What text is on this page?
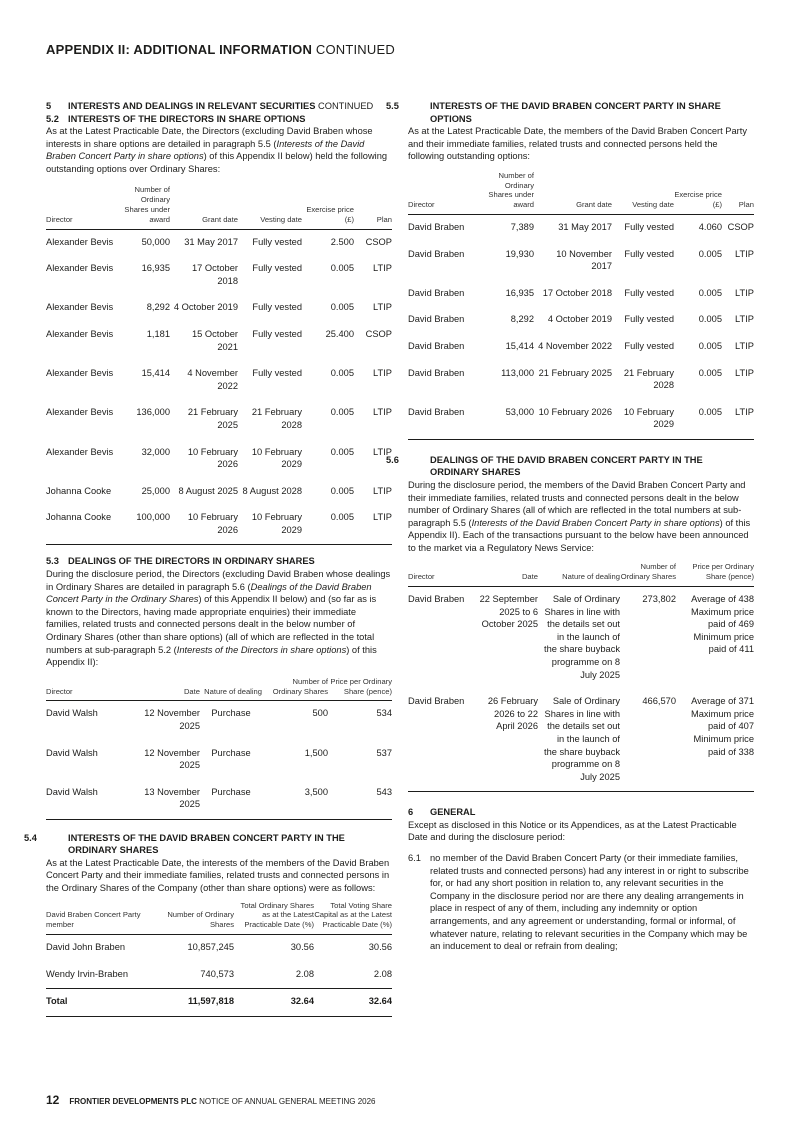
APPENDIX II: ADDITIONAL INFORMATION CONTINUED

5 INTERESTS AND DEALINGS IN RELEVANT SECURITIES CONTINUED

5.2 INTERESTS OF THE DIRECTORS IN SHARE OPTIONS

As at the Latest Practicable Date, the Directors (excluding David Braben whose interests in share options are detailed in paragraph 5.5 (Interests of the David Braben Concert Party in share options) of this Appendix II below) held the following outstanding options over Ordinary Shares:

Director	Number of Ordinary Shares under award	Grant date	Vesting date	Exercise price (£)	Plan
Alexander Bevis	50,000	31 May 2017	Fully vested	2.500	CSOP
Alexander Bevis	16,935	17 October 2018	Fully vested	0.005	LTIP
Alexander Bevis	8,292	4 October 2019	Fully vested	0.005	LTIP
Alexander Bevis	1,181	15 October 2021	Fully vested	25.400	CSOP
Alexander Bevis	15,414	4 November 2022	Fully vested	0.005	LTIP
Alexander Bevis	136,000	21 February 2025	21 February 2028	0.005	LTIP
Alexander Bevis	32,000	10 February 2026	10 February 2029	0.005	LTIP
Johanna Cooke	25,000	8 August 2025	8 August 2028	0.005	LTIP
Johanna Cooke	100,000	10 February 2026	10 February 2029	0.005	LTIP

5.3 DEALINGS OF THE DIRECTORS IN ORDINARY SHARES

During the disclosure period, the Directors (excluding David Braben whose dealings in Ordinary Shares are detailed in paragraph 5.6 (Dealings of the David Braben Concert Party in the Ordinary Shares) of this Appendix II below) and (so far as is known to the Directors, having made appropriate enquiries) their immediate families, related trusts and connected persons dealt in the below number of Ordinary Shares (other than share options) (all of which are reflected in the total numbers at sub-paragraph 5.2 (Interests of the Directors in share options) of this Appendix II):

Director	Date	Nature of dealing	Number of Ordinary Shares	Price per Ordinary Share (pence)
David Walsh	12 November 2025	Purchase	500	534
David Walsh	12 November 2025	Purchase	1,500	537
David Walsh	13 November 2025	Purchase	3,500	543

5.4	INTERESTS OF THE DAVID BRABEN CONCERT PARTY IN THE ORDINARY SHARES

As at the Latest Practicable Date, the interests of the members of the David Braben Concert Party and their immediate families, related trusts and connected persons in the Ordinary Shares of the Company (other than share options) were as follows:

David Braben Concert Party member	Number of Ordinary Shares	Total Ordinary Shares as at the Latest Practicable Date (%)	Total Voting Share Capital as at the Latest Practicable Date (%)
David John Braben	10,857,245	30.56	30.56
Wendy Irvin-Braben	740,573	2.08	2.08
Total	11,597,818	32.64	32.64

5.5	INTERESTS OF THE DAVID BRABEN CONCERT PARTY IN SHARE OPTIONS

As at the Latest Practicable Date, the members of the David Braben Concert Party and their immediate families, related trusts and connected persons held the following outstanding options:

Director	Number of Ordinary Shares under award	Grant date	Vesting date	Exercise price (£)	Plan
David Braben	7,389	31 May 2017	Fully vested	4.060	CSOP
David Braben	19,930	10 November 2017	Fully vested	0.005	LTIP
David Braben	16,935	17 October 2018	Fully vested	0.005	LTIP
David Braben	8,292	4 October 2019	Fully vested	0.005	LTIP
David Braben	15,414	4 November 2022	Fully vested	0.005	LTIP
David Braben	113,000	21 February 2025	21 February 2028	0.005	LTIP
David Braben	53,000	10 February 2026	10 February 2029	0.005	LTIP

5.6	DEALINGS OF THE DAVID BRABEN CONCERT PARTY IN THE ORDINARY SHARES

During the disclosure period, the members of the David Braben Concert Party and their immediate families, related trusts and connected persons dealt in the below number of Ordinary Shares (all of which are reflected in the total numbers at sub-paragraph 5.5 (Interests of the David Braben Concert Party in share options) of this Appendix II). Each of the transactions pursuant to the below have been announced to the market via a Regulatory News Service:

Director	Date	Nature of dealing	Number of Ordinary Shares	Price per Ordinary Share (pence)
David Braben	22 September 2025 to 6 October 2025	Sale of Ordinary Shares in line with the details set out in the launch of the share buyback programme on 8 July 2025	273,802	Average of 438 Maximum price paid of 469 Minimum price paid of 411
David Braben	26 February 2026 to 22 April 2026	Sale of Ordinary Shares in line with the details set out in the launch of the share buyback programme on 8 July 2025	466,570	Average of 371 Maximum price paid of 407 Minimum price paid of 338

6 GENERAL

Except as disclosed in this Notice or its Appendices, as at the Latest Practicable Date and during the disclosure period:

6.1 no member of the David Braben Concert Party (or their immediate families, related trusts and connected persons) had any interest in or right to subscribe for, or had any short position in relation to, any relevant securities in the Company in the disclosure period nor are there any dealing arrangements in place in respect of any of them, including any indemnity or option arrangements, and any agreement or understanding, formal or informal, of whatever nature, relating to relevant securities in the Company which may be an inducement to deal or refrain from dealing;
12 FRONTIER DEVELOPMENTS PLC NOTICE OF ANNUAL GENERAL MEETING 2026
